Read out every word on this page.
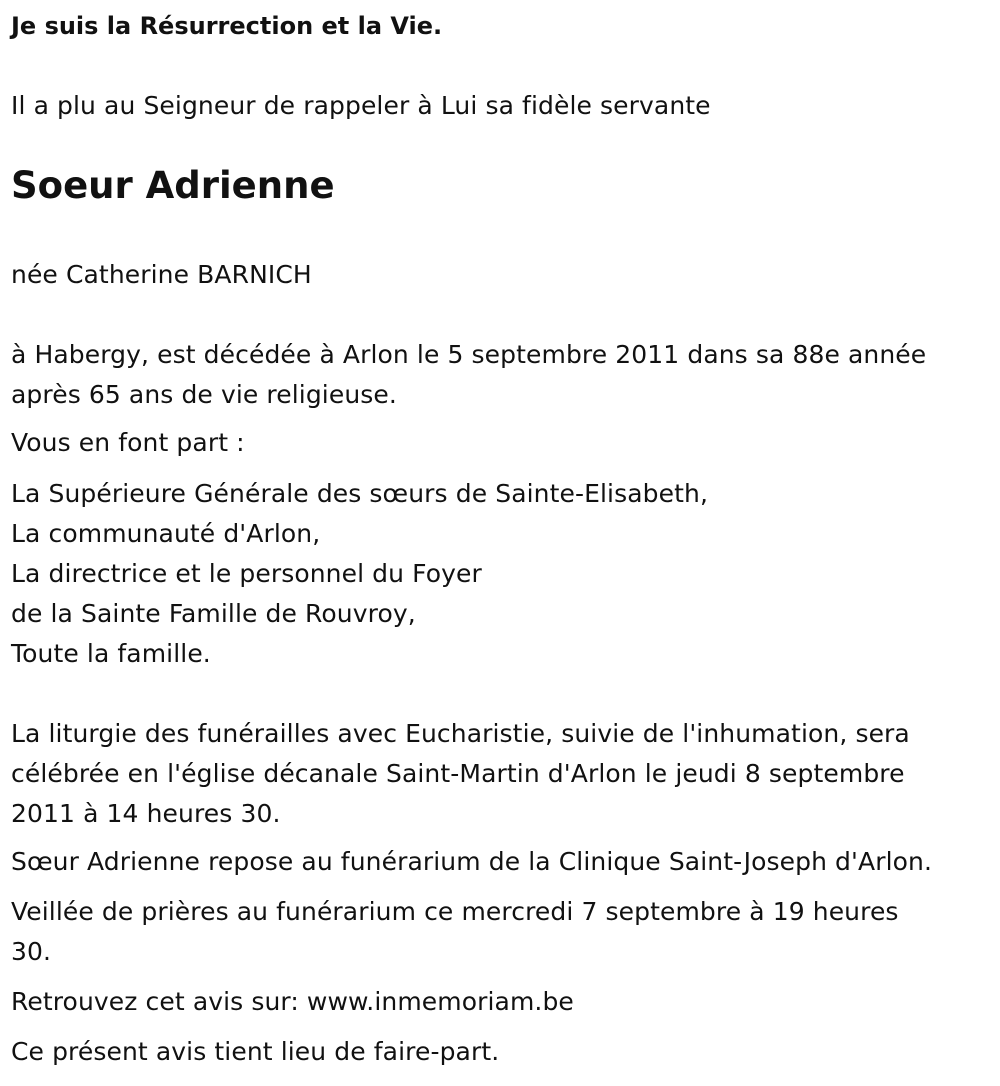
Je suis la Résurrection et la Vie.

Il a plu au Seigneur de rappeler à Lui sa fidèle servante

Soeur Adrienne

née Catherine BARNICH

à Habergy, est décédée à Arlon le 5 septembre 2011 dans sa 88e année

après 65 ans de vie religieuse.

Vous en font part :

La Supérieure Générale des sœurs de Sainte-Elisabeth,
La communauté d'Arlon,
La directrice et le personnel du Foyer
de la Sainte Famille de Rouvroy,
Toute la famille.

La liturgie des funérailles avec Eucharistie, suivie de l'inhumation, sera

célébrée en l'église décanale Saint-Martin d'Arlon le jeudi 8 septembre

2011 à 14 heures 30.

Sœur Adrienne repose au funérarium de la Clinique Saint-Joseph d'Arlon.

Veillée de prières au funérarium ce mercredi 7 septembre à 19 heures

30.

Retrouvez cet avis sur: www.inmemoriam.be

Ce présent avis tient lieu de faire-part.
